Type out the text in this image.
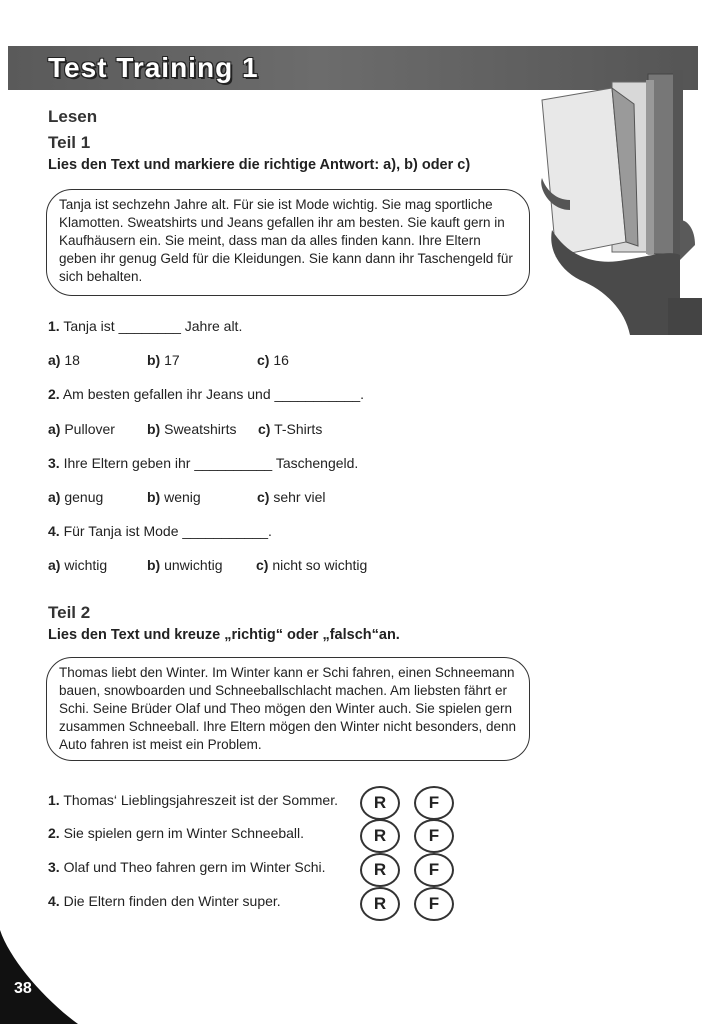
Test Training 1
Lesen
Teil 1
Lies den Text und markiere die richtige Antwort: a), b) oder c)
Tanja ist sechzehn Jahre alt. Für sie ist Mode wichtig. Sie mag sportliche Klamotten. Sweatshirts und Jeans gefallen ihr am besten. Sie kauft gern in Kaufhäusern ein. Sie meint, dass man da alles finden kann. Ihre Eltern geben ihr genug Geld für die Kleidungen. Sie kann dann ihr Taschengeld für sich behalten.
1. Tanja ist ________ Jahre alt.
a) 18	b) 17	c) 16
2. Am besten gefallen ihr Jeans und ___________.
a) Pullover b) Sweatshirts c) T-Shirts
3. Ihre Eltern geben ihr __________ Taschengeld.
a) genug	b) wenig	c) sehr viel
4. Für Tanja ist Mode ___________.
a) wichtig	b) unwichtig c) nicht so wichtig
Teil 2
Lies den Text und kreuze „richtig“ oder „falsch“an.
Thomas liebt den Winter. Im Winter kann er Schi fahren, einen Schneemann bauen, snowboarden und Schneeballschlacht machen. Am liebsten fährt er Schi. Seine Brüder Olaf und Theo mögen den Winter auch. Sie spielen gern zusammen Schneeball. Ihre Eltern mögen den Winter nicht besonders, denn Auto fahren ist meist ein Problem.
1. Thomas‘ Lieblingsjahreszeit ist der Sommer.	R	F
2. Sie spielen gern im Winter Schneeball.	R	F
3. Olaf und Theo fahren gern im Winter Schi.	R	F
4. Die Eltern finden den Winter super.	R	F
38
